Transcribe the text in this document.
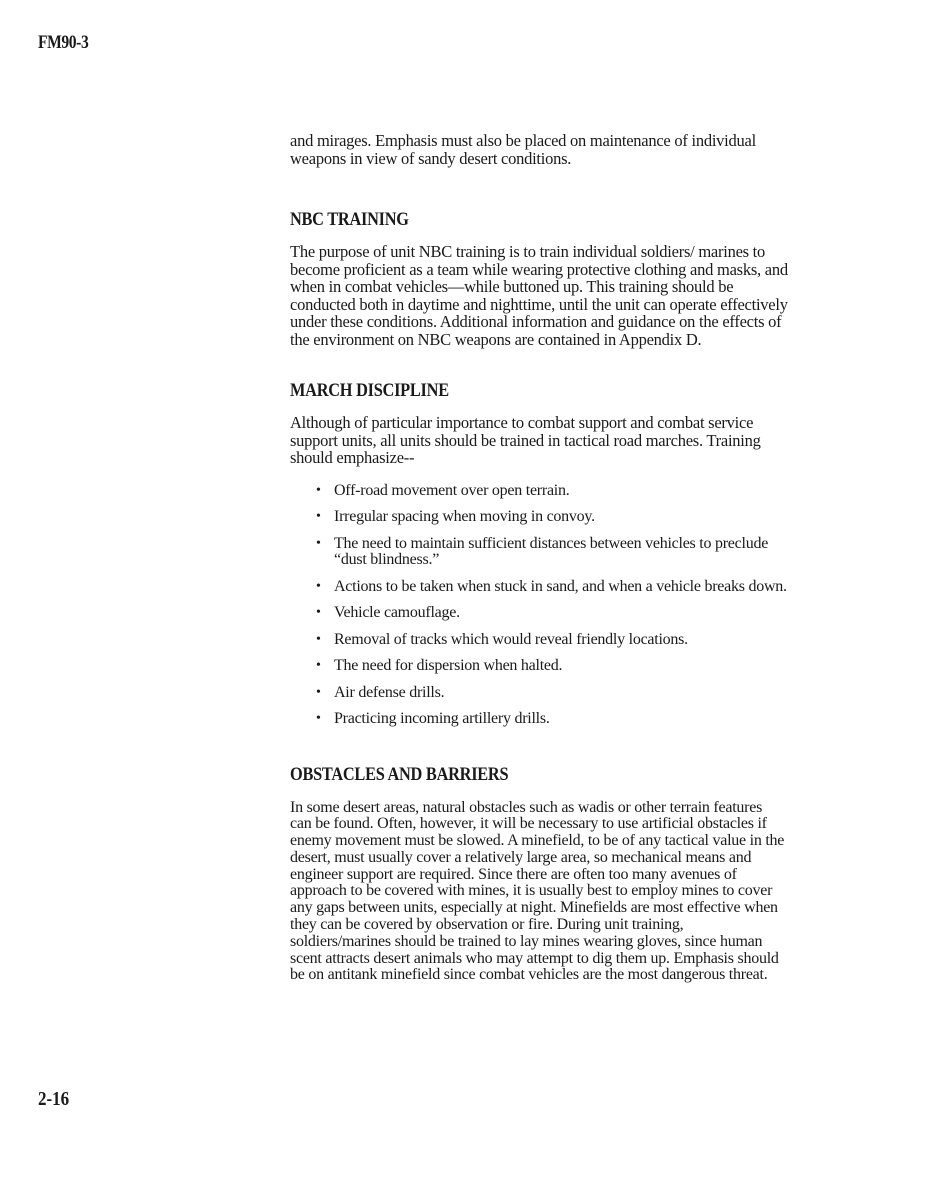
FM90-3

and mirages. Emphasis must also be placed on maintenance of individual weapons in view of sandy desert conditions.

NBC TRAINING

The purpose of unit NBC training is to train individual soldiers/ marines to become proficient as a team while wearing protective clothing and masks, and when in combat vehicles—while buttoned up. This training should be conducted both in daytime and nighttime, until the unit can operate effectively under these conditions. Additional information and guidance on the effects of the environment on NBC weapons are contained in Appendix D.

MARCH DISCIPLINE

Although of particular importance to combat support and combat service support units, all units should be trained in tactical road marches. Training should emphasize--

• Off-road movement over open terrain.
• Irregular spacing when moving in convoy.
• The need to maintain sufficient distances between vehicles to preclude “dust blindness.”
• Actions to be taken when stuck in sand, and when a vehicle breaks down.
• Vehicle camouflage.
• Removal of tracks which would reveal friendly locations.
• The need for dispersion when halted.
• Air defense drills.
• Practicing incoming artillery drills.
OBSTACLES AND BARRIERS

In some desert areas, natural obstacles such as wadis or other terrain features can be found. Often, however, it will be necessary to use artificial obstacles if enemy movement must be slowed. A minefield, to be of any tactical value in the desert, must usually cover a relatively large area, so mechanical means and engineer support are required. Since there are often too many avenues of approach to be covered with mines, it is usually best to employ mines to cover any gaps between units, especially at night. Minefields are most effective when they can be covered by observation or fire. During unit training, soldiers/marines should be trained to lay mines wearing gloves, since human scent attracts desert animals who may attempt to dig them up. Emphasis should be on antitank minefield since combat vehicles are the most dangerous threat.

2-16
